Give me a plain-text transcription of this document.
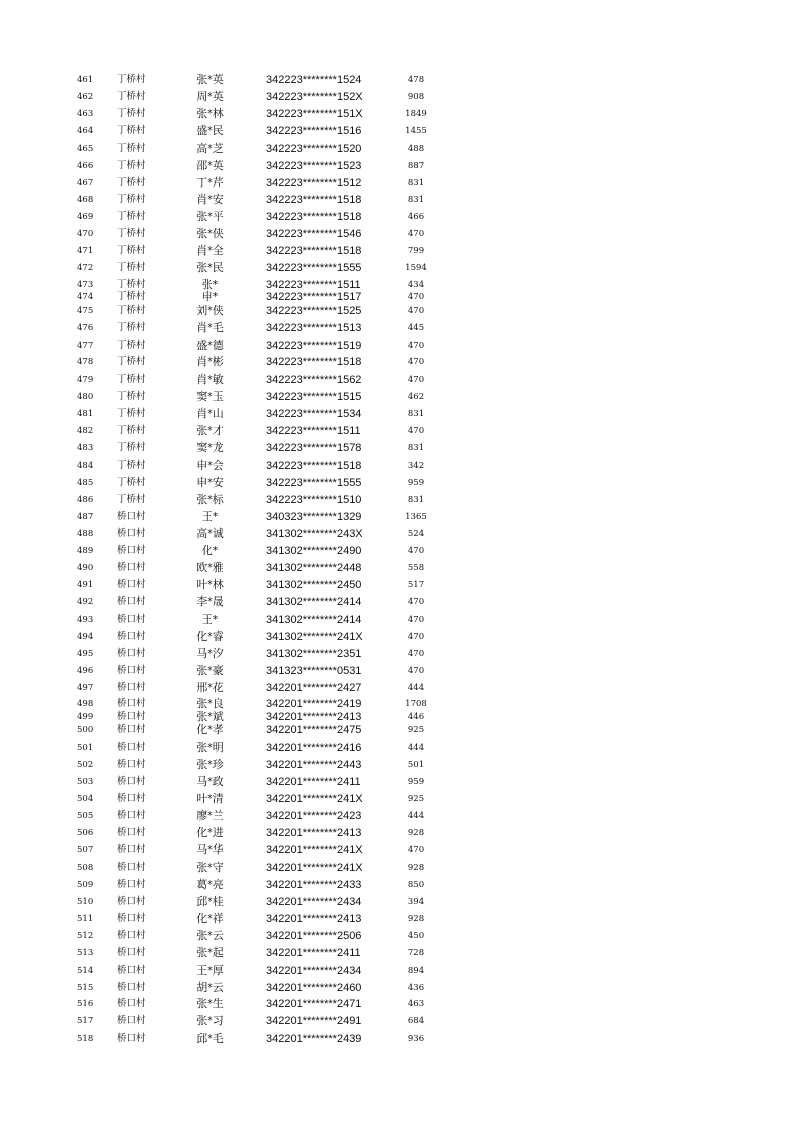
461	丁桥村	张*英	342223********1524	478
462	丁桥村	周*英	342223********152X	908
463	丁桥村	张*林	342223********151X	1849
464	丁桥村	盛*民	342223********1516	1455
465	丁桥村	高*芝	342223********1520	488
466	丁桥村	邵*英	342223********1523	887
467	丁桥村	丁*芹	342223********1512	831
468	丁桥村	肖*安	342223********1518	831
469	丁桥村	张*平	342223********1518	466
470	丁桥村	张*侠	342223********1546	470
471	丁桥村	肖*全	342223********1518	799
472	丁桥村	张*民	342223********1555	1594
473	丁桥村	张*	342223********1511	434
474	丁桥村	申*	342223********1517	470
475	丁桥村	刘*侠	342223********1525	470
476	丁桥村	肖*毛	342223********1513	445
477	丁桥村	盛*德	342223********1519	470
478	丁桥村	肖*彬	342223********1518	470
479	丁桥村	肖*敏	342223********1562	470
480	丁桥村	窦*玉	342223********1515	462
481	丁桥村	肖*山	342223********1534	831
482	丁桥村	张*才	342223********1511	470
483	丁桥村	窦*龙	342223********1578	831
484	丁桥村	申*会	342223********1518	342
485	丁桥村	申*安	342223********1555	959
486	丁桥村	张*标	342223********1510	831
487	桥口村	王*	340323********1329	1365
488	桥口村	高*诚	341302********243X	524
489	桥口村	化*	341302********2490	470
490	桥口村	欧*雅	341302********2448	558
491	桥口村	叶*林	341302********2450	517
492	桥口村	李*晟	341302********2414	470
493	桥口村	王*	341302********2414	470
494	桥口村	化*睿	341302********241X	470
495	桥口村	马*汐	341302********2351	470
496	桥口村	张*豪	341323********0531	470
497	桥口村	邢*花	342201********2427	444
498	桥口村	张*良	342201********2419	1708
499	桥口村	张*斌	342201********2413	446
500	桥口村	化*孝	342201********2475	925
501	桥口村	张*明	342201********2416	444
502	桥口村	张*珍	342201********2443	501
503	桥口村	马*政	342201********2411	959
504	桥口村	叶*清	342201********241X	925
505	桥口村	廖*兰	342201********2423	444
506	桥口村	化*进	342201********2413	928
507	桥口村	马*华	342201********241X	470
508	桥口村	张*守	342201********241X	928
509	桥口村	葛*亮	342201********2433	850
510	桥口村	邱*桂	342201********2434	394
511	桥口村	化*祥	342201********2413	928
512	桥口村	张*云	342201********2506	450
513	桥口村	张*起	342201********2411	728
514	桥口村	王*厚	342201********2434	894
515	桥口村	胡*云	342201********2460	436
516	桥口村	张*生	342201********2471	463
517	桥口村	张*习	342201********2491	684
518	桥口村	邱*毛	342201********2439	936
